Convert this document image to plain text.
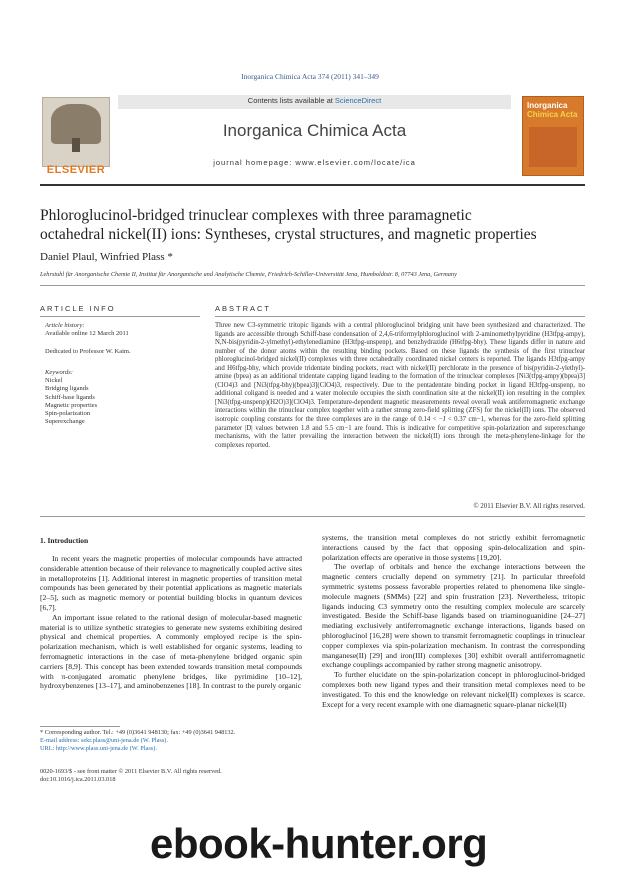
Inorganica Chimica Acta 374 (2011) 341–349
ELSEVIER
Contents lists available at ScienceDirect
Inorganica Chimica Acta
journal homepage: www.elsevier.com/locate/ica
Inorganica
Chimica Acta
Phloroglucinol-bridged trinuclear complexes with three paramagnetic
octahedral nickel(II) ions: Syntheses, crystal structures, and magnetic properties
Daniel Plaul, Winfried Plass *
Lehrstuhl für Anorganische Chemie II, Institut für Anorganische und Analytische Chemie, Friedrich-Schiller-Universität Jena, Humboldtstr. 8, 07743 Jena, Germany
ARTICLE INFO	ABSTRACT
Article history:
Available online 12 March 2011
Dedicated to Professor W. Kaim.
Keywords:
Nickel
Bridging ligands
Schiff-base ligands
Magnetic properties
Spin-polarization
Superexchange
Three new C3-symmetric tritopic ligands with a central phloroglucinol bridging unit have been synthesized and characterized. The ligands are accessible through Schiff-base condensation of 2,4,6-triformylphloroglucinol with 2-aminomethylpyridine (H3tfpg-ampy), N,N-bis(pyridin-2-ylmethyl)-ethylenediamine (H3tfpg-unspenp), and benzhydrazide (H6tfpg-bhy). These ligands differ in nature and number of the donor atoms within the resulting binding pockets. Based on these ligands the synthesis of the first trinuclear phloroglucinol-bridged nickel(II) complexes with three octahedrally coordinated nickel centers is reported. The ligands H3tfpg-ampy and H6tfpg-bhy, which provide tridentate binding pockets, react with nickel(II) perchlorate in the presence of bis(pyridin-2-ylethyl)-amine (bpea) as an additional tridentate capping ligand leading to the formation of the trinuclear complexes [Ni3(tfpg-ampy)(bpea)3](ClO4)3 and [Ni3(tfpg-bhy)(bpea)3](ClO4)3, respectively. Due to the pentadentate binding pocket in ligand H3tfpg-unspenp, no additional coligand is needed and a water molecule occupies the sixth coordination site at the nickel(II) ion resulting in the complex [Ni3(tfpg-unspenp)(H2O)3](ClO4)3. Temperature-dependent magnetic measurements reveal overall weak antiferromagnetic exchange interactions within the trinuclear complex together with a rather strong zero-field splitting (ZFS) for the nickel(II) ions. The observed isotropic coupling constants for the three complexes are in the range of 0.14 < −J < 0.37 cm−1, whereas for the zero-field splitting parameter |D| values between 1.8 and 5.5 cm−1 are found. This is indicative for competitive spin-polarization and superexchange mechanisms, with the latter prevailing the interaction between the nickel(II) ions through the meta-phenylene-linkage for the complexes reported.
© 2011 Elsevier B.V. All rights reserved.
1. Introduction

In recent years the magnetic properties of molecular compounds have attracted considerable attention because of their relevance to magnetically coupled active sites in metalloproteins [1]. Additional interest in magnetic properties of transition metal compounds has been generated by their potential applications as magnetic materials [2–5], such as magnetic memory or potential building blocks in quantum devices [6,7].

An important issue related to the rational design of molecular-based magnetic material is to utilize synthetic strategies to generate new systems exhibiting desired physical and chemical properties. A commonly employed recipe is the spin-polarization mechanism, which is well established for organic systems, leading to ferromagnetic interactions in the case of meta-phenylene bridged organic spin carriers [8,9]. This concept has been extended towards transition metal compounds with π-conjugated aromatic phenylene bridges, like pyrimidine [10–12], hydroxybenzenes [13–17], and aminobenzenes [18]. In contrast to the purely organic

systems, the transition metal complexes do not strictly exhibit ferromagnetic interactions caused by the fact that opposing spin-delocalization and spin-polarization effects are operative in those systems [19,20].

The overlap of orbitals and hence the exchange interactions between the magnetic centers crucially depend on symmetry [21]. In particular threefold symmetric systems possess favorable properties related to phenomena like single-molecule magnets (SMMs) [22] and spin frustration [23]. Nevertheless, tritopic ligands inducing C3 symmetry onto the resulting complex molecule are scarcely investigated. Beside the Schiff-base ligands based on triaminoguanidine [24–27] mediating exclusively antiferromagnetic exchange interactions, ligands based on phloroglucinol [16,28] were shown to transmit ferromagnetic couplings in trinuclear copper complexes via spin-polarization mechanism. In contrast the corresponding manganese(II) [29] and iron(III) complexes [30] exhibit overall antiferromagnetic exchange couplings accompanied by rather strong magnetic anisotropy.

To further elucidate on the spin-polarization concept in phloroglucinol-bridged complexes both new ligand types and their transition metal complexes need to be investigated. To this end the knowledge on relevant nickel(II) complexes is scarce. Except for a very recent example with one diamagnetic square-planar nickel(II)

* Corresponding author. Tel.: +49 (0)3641 948130; fax: +49 (0)3641 948132.
E-mail address: sekr.plass@uni-jena.de (W. Plass).
URL: http://www.plass.uni-jena.de (W. Plass).
0020-1693/$ - see front matter © 2011 Elsevier B.V. All rights reserved.
doi:10.1016/j.ica.2011.03.018
ebook-hunter.org
